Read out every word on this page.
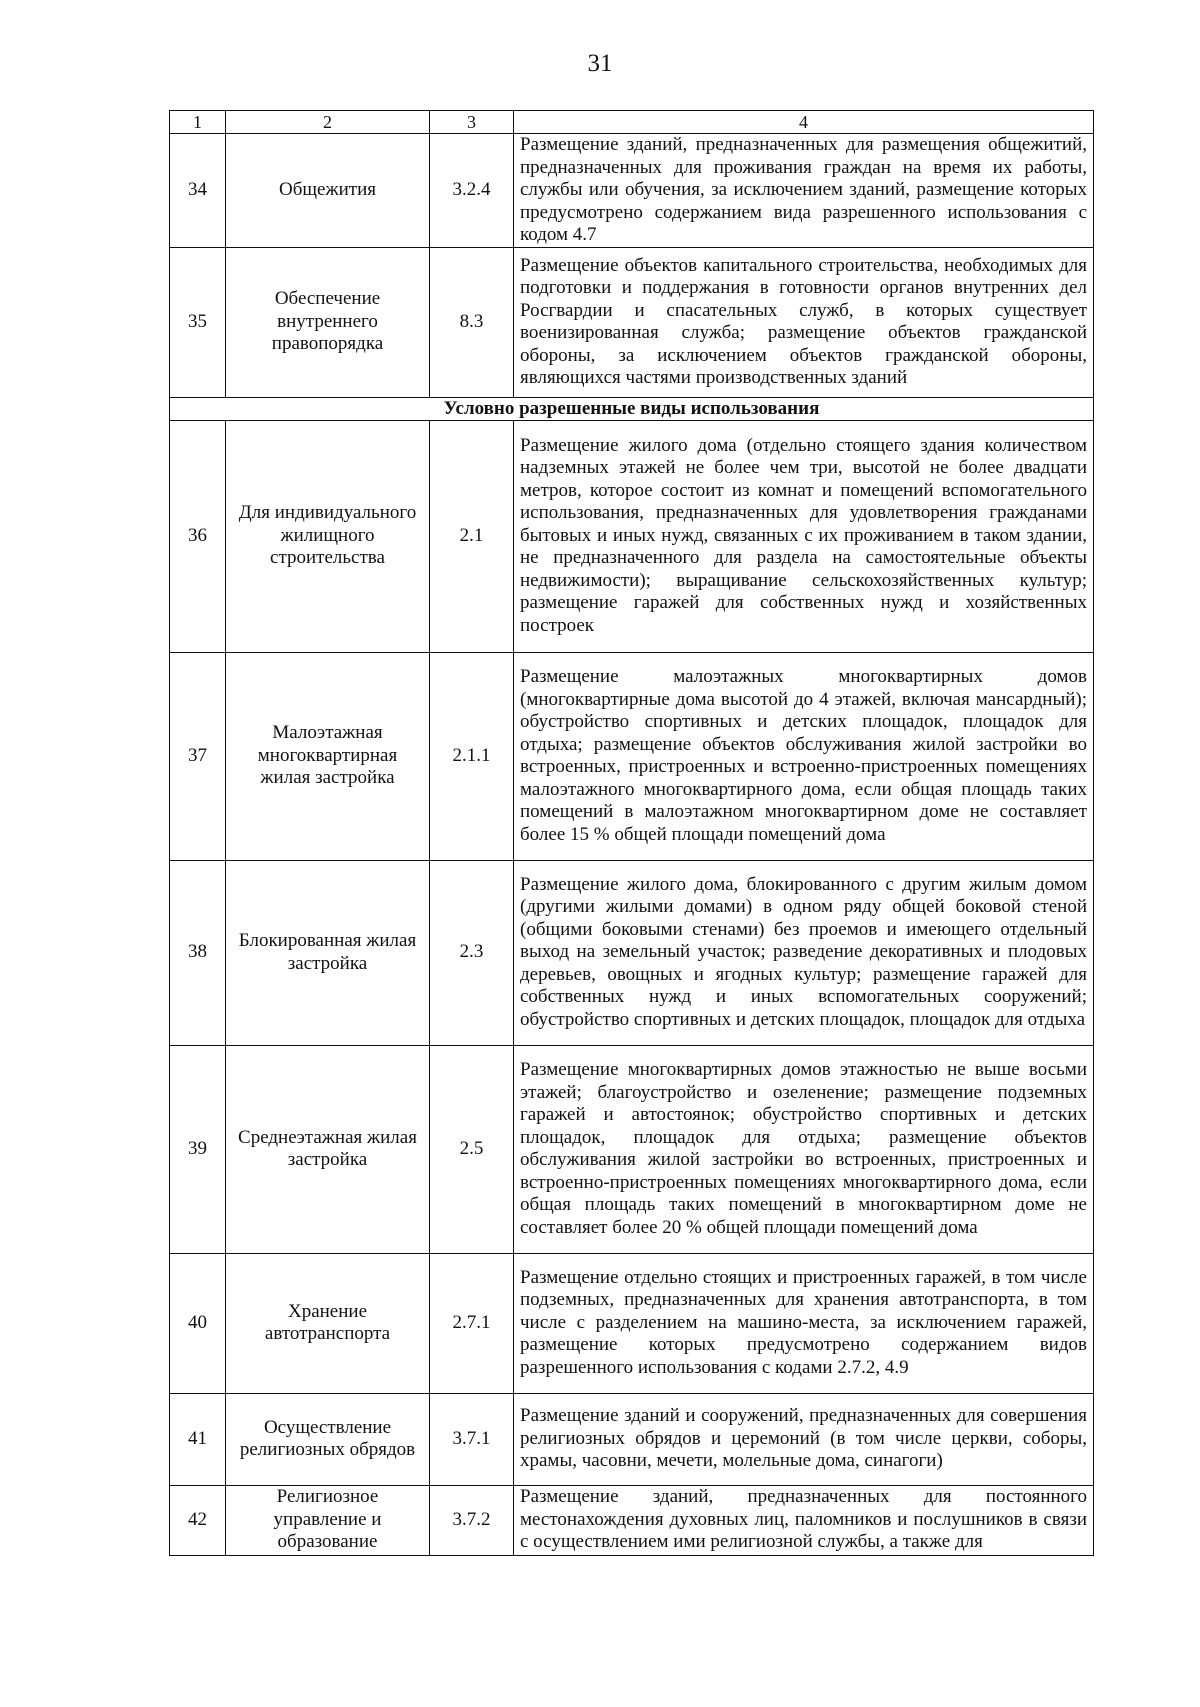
31
1	2	3	4
34	Общежития	3.2.4	Размещение зданий, предназначенных для размещения общежитий, предназначенных для проживания граждан на время их работы, службы или обучения, за исключением зданий, размещение которых предусмотрено содержанием вида разрешенного использования с кодом 4.7
35	Обеспечение внутреннего правопорядка	8.3	Размещение объектов капитального строительства, необходимых для подготовки и поддержания в готовности органов внутренних дел Росгвардии и спасательных служб, в которых существует военизированная служба; размещение объектов гражданской обороны, за исключением объектов гражданской обороны, являющихся частями производственных зданий
Условно разрешенные виды использования			
36	Для индивидуального жилищного строительства	2.1	Размещение жилого дома (отдельно стоящего здания количеством надземных этажей не более чем три, высотой не более двадцати метров, которое состоит из комнат и помещений вспомогательного использования, предназначенных для удовлетворения гражданами бытовых и иных нужд, связанных с их проживанием в таком здании, не предназначенного для раздела на самостоятельные объекты недвижимости); выращивание сельскохозяйственных культур; размещение гаражей для собственных нужд и хозяйственных построек
37	Малоэтажная многоквартирная жилая застройка	2.1.1	Размещение малоэтажных многоквартирных домов (многоквартирные дома высотой до 4 этажей, включая мансардный); обустройство спортивных и детских площадок, площадок для отдыха; размещение объектов обслуживания жилой застройки во встроенных, пристроенных и встроенно-пристроенных помещениях малоэтажного многоквартирного дома, если общая площадь таких помещений в малоэтажном многоквартирном доме не составляет более 15 % общей площади помещений дома
38	Блокированная жилая застройка	2.3	Размещение жилого дома, блокированного с другим жилым домом (другими жилыми домами) в одном ряду общей боковой стеной (общими боковыми стенами) без проемов и имеющего отдельный выход на земельный участок; разведение декоративных и плодовых деревьев, овощных и ягодных культур; размещение гаражей для собственных нужд и иных вспомогательных сооружений; обустройство спортивных и детских площадок, площадок для отдыха
39	Среднеэтажная жилая застройка	2.5	Размещение многоквартирных домов этажностью не выше восьми этажей; благоустройство и озеленение; размещение подземных гаражей и автостоянок; обустройство спортивных и детских площадок, площадок для отдыха; размещение объектов обслуживания жилой застройки во встроенных, пристроенных и встроенно-пристроенных помещениях многоквартирного дома, если общая площадь таких помещений в многоквартирном доме не составляет более 20 % общей площади помещений дома
40	Хранение автотранспорта	2.7.1	Размещение отдельно стоящих и пристроенных гаражей, в том числе подземных, предназначенных для хранения автотранспорта, в том числе с разделением на машино-места, за исключением гаражей, размещение которых предусмотрено содержанием видов разрешенного использования с кодами 2.7.2, 4.9
41	Осуществление религиозных обрядов	3.7.1	Размещение зданий и сооружений, предназначенных для совершения религиозных обрядов и церемоний (в том числе церкви, соборы, храмы, часовни, мечети, молельные дома, синагоги)
42	Религиозное управление и образование	3.7.2	Размещение зданий, предназначенных для постоянного местонахождения духовных лиц, паломников и послушников в связи с осуществлением ими религиозной службы, а также для
